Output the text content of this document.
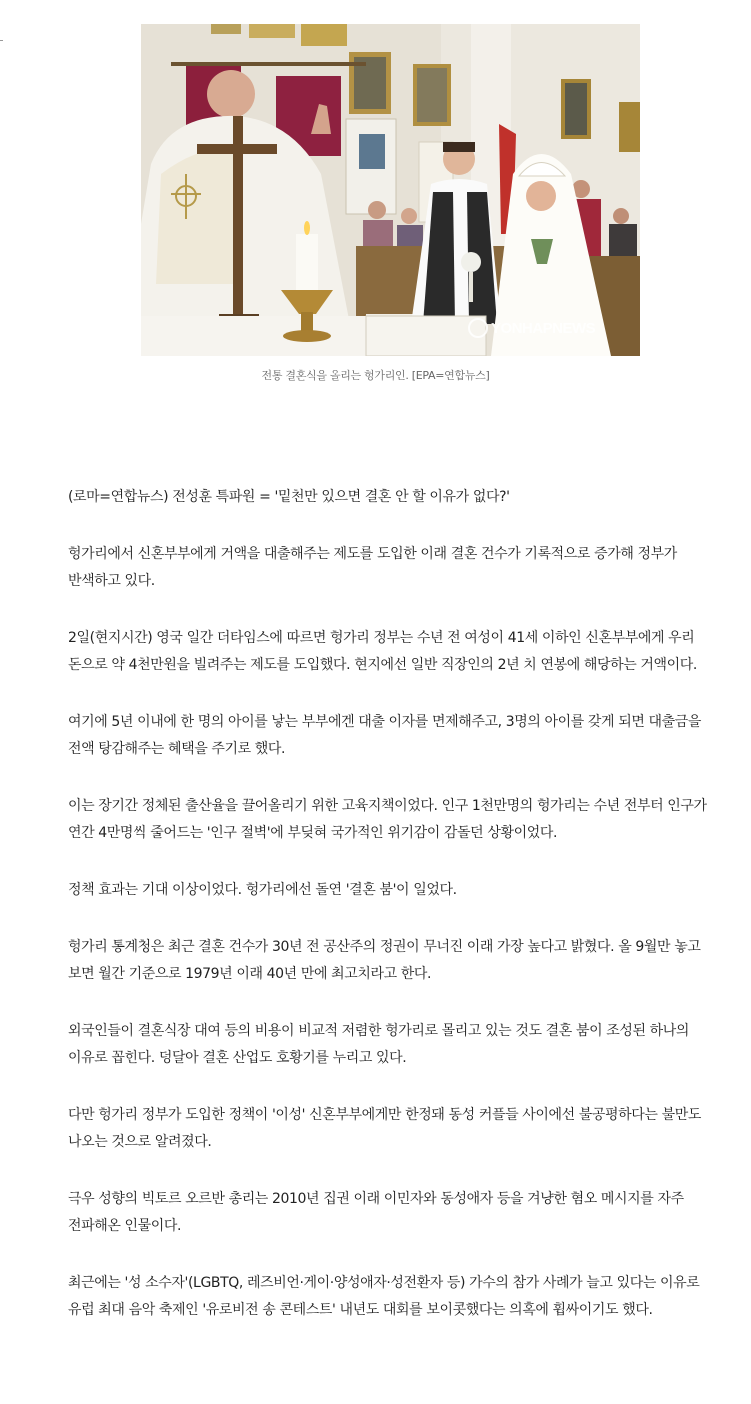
YONHAPNEWS
전통 결혼식을 올리는 헝가리인. [EPA=연합뉴스]

(로마=연합뉴스) 전성훈 특파원 = '밑천만 있으면 결혼 안 할 이유가 없다?'

헝가리에서 신혼부부에게 거액을 대출해주는 제도를 도입한 이래 결혼 건수가 기록적으로 증가해 정부가 반색하고 있다.

2일(현지시간) 영국 일간 더타임스에 따르면 헝가리 정부는 수년 전 여성이 41세 이하인 신혼부부에게 우리 돈으로 약 4천만원을 빌려주는 제도를 도입했다. 현지에선 일반 직장인의 2년 치 연봉에 해당하는 거액이다.

여기에 5년 이내에 한 명의 아이를 낳는 부부에겐 대출 이자를 면제해주고, 3명의 아이를 갖게 되면 대출금을 전액 탕감해주는 혜택을 주기로 했다.

이는 장기간 정체된 출산율을 끌어올리기 위한 고육지책이었다. 인구 1천만명의 헝가리는 수년 전부터 인구가 연간 4만명씩 줄어드는 '인구 절벽'에 부딪혀 국가적인 위기감이 감돌던 상황이었다.

정책 효과는 기대 이상이었다. 헝가리에선 돌연 '결혼 붐'이 일었다.

헝가리 통계청은 최근 결혼 건수가 30년 전 공산주의 정권이 무너진 이래 가장 높다고 밝혔다. 올 9월만 놓고 보면 월간 기준으로 1979년 이래 40년 만에 최고치라고 한다.

외국인들이 결혼식장 대여 등의 비용이 비교적 저렴한 헝가리로 몰리고 있는 것도 결혼 붐이 조성된 하나의 이유로 꼽힌다. 덩달아 결혼 산업도 호황기를 누리고 있다.

다만 헝가리 정부가 도입한 정책이 '이성' 신혼부부에게만 한정돼 동성 커플들 사이에선 불공평하다는 불만도 나오는 것으로 알려졌다.

극우 성향의 빅토르 오르반 총리는 2010년 집권 이래 이민자와 동성애자 등을 겨냥한 혐오 메시지를 자주 전파해온 인물이다.

최근에는 '성 소수자'(LGBTQ, 레즈비언·게이·양성애자·성전환자 등) 가수의 참가 사례가 늘고 있다는 이유로 유럽 최대 음악 축제인 '유로비전 송 콘테스트' 내년도 대회를 보이콧했다는 의혹에 휩싸이기도 했다.
